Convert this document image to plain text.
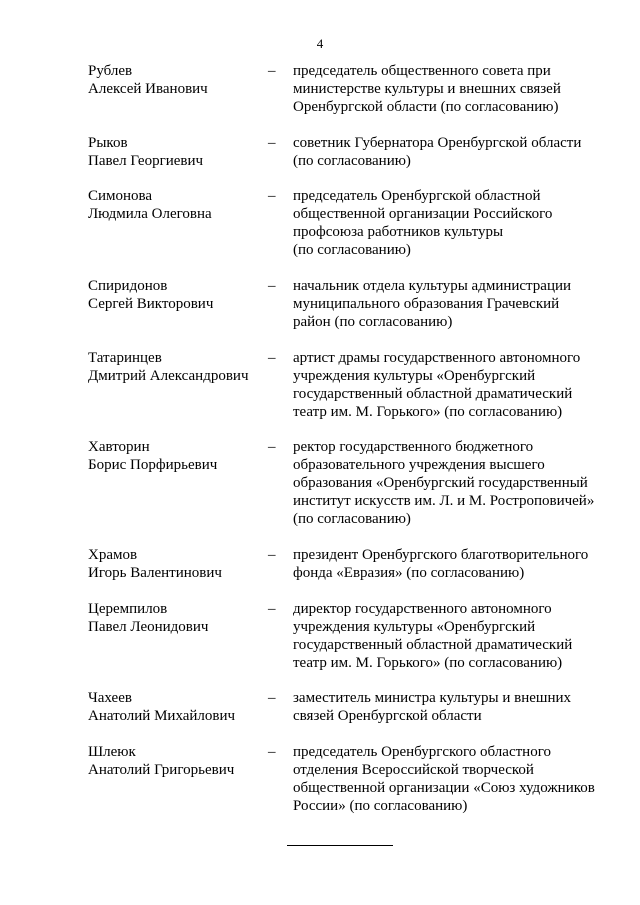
4
Рублев
Алексей Иванович
– председатель общественного совета при
министерстве культуры и внешних связей
Оренбургской области (по согласованию)
Рыков
Павел Георгиевич
– советник Губернатора Оренбургской области
(по согласованию)
Симонова
Людмила Олеговна
– председатель Оренбургской областной
общественной организации Российского
профсоюза работников культуры
(по согласованию)
Спиридонов
Сергей Викторович
– начальник отдела культуры администрации
муниципального образования Грачевский
район (по согласованию)
Татаринцев
Дмитрий Александрович
– артист драмы государственного автономного
учреждения культуры «Оренбургский
государственный областной драматический
театр им. М. Горького» (по согласованию)
Хавторин
Борис Порфирьевич
– ректор государственного бюджетного
образовательного учреждения высшего
образования «Оренбургский государственный
институт искусств им. Л. и М. Ростроповичей»
(по согласованию)
Храмов
Игорь Валентинович
– президент Оренбургского благотворительного
фонда «Евразия» (по согласованию)
Церемпилов
Павел Леонидович
– директор государственного автономного
учреждения культуры «Оренбургский
государственный областной драматический
театр им. М. Горького» (по согласованию)
Чахеев
Анатолий Михайлович
– заместитель министра культуры и внешних
связей Оренбургской области
Шлеюк
Анатолий Григорьевич
– председатель Оренбургского областного
отделения Всероссийской творческой
общественной организации «Союз художников
России» (по согласованию)
